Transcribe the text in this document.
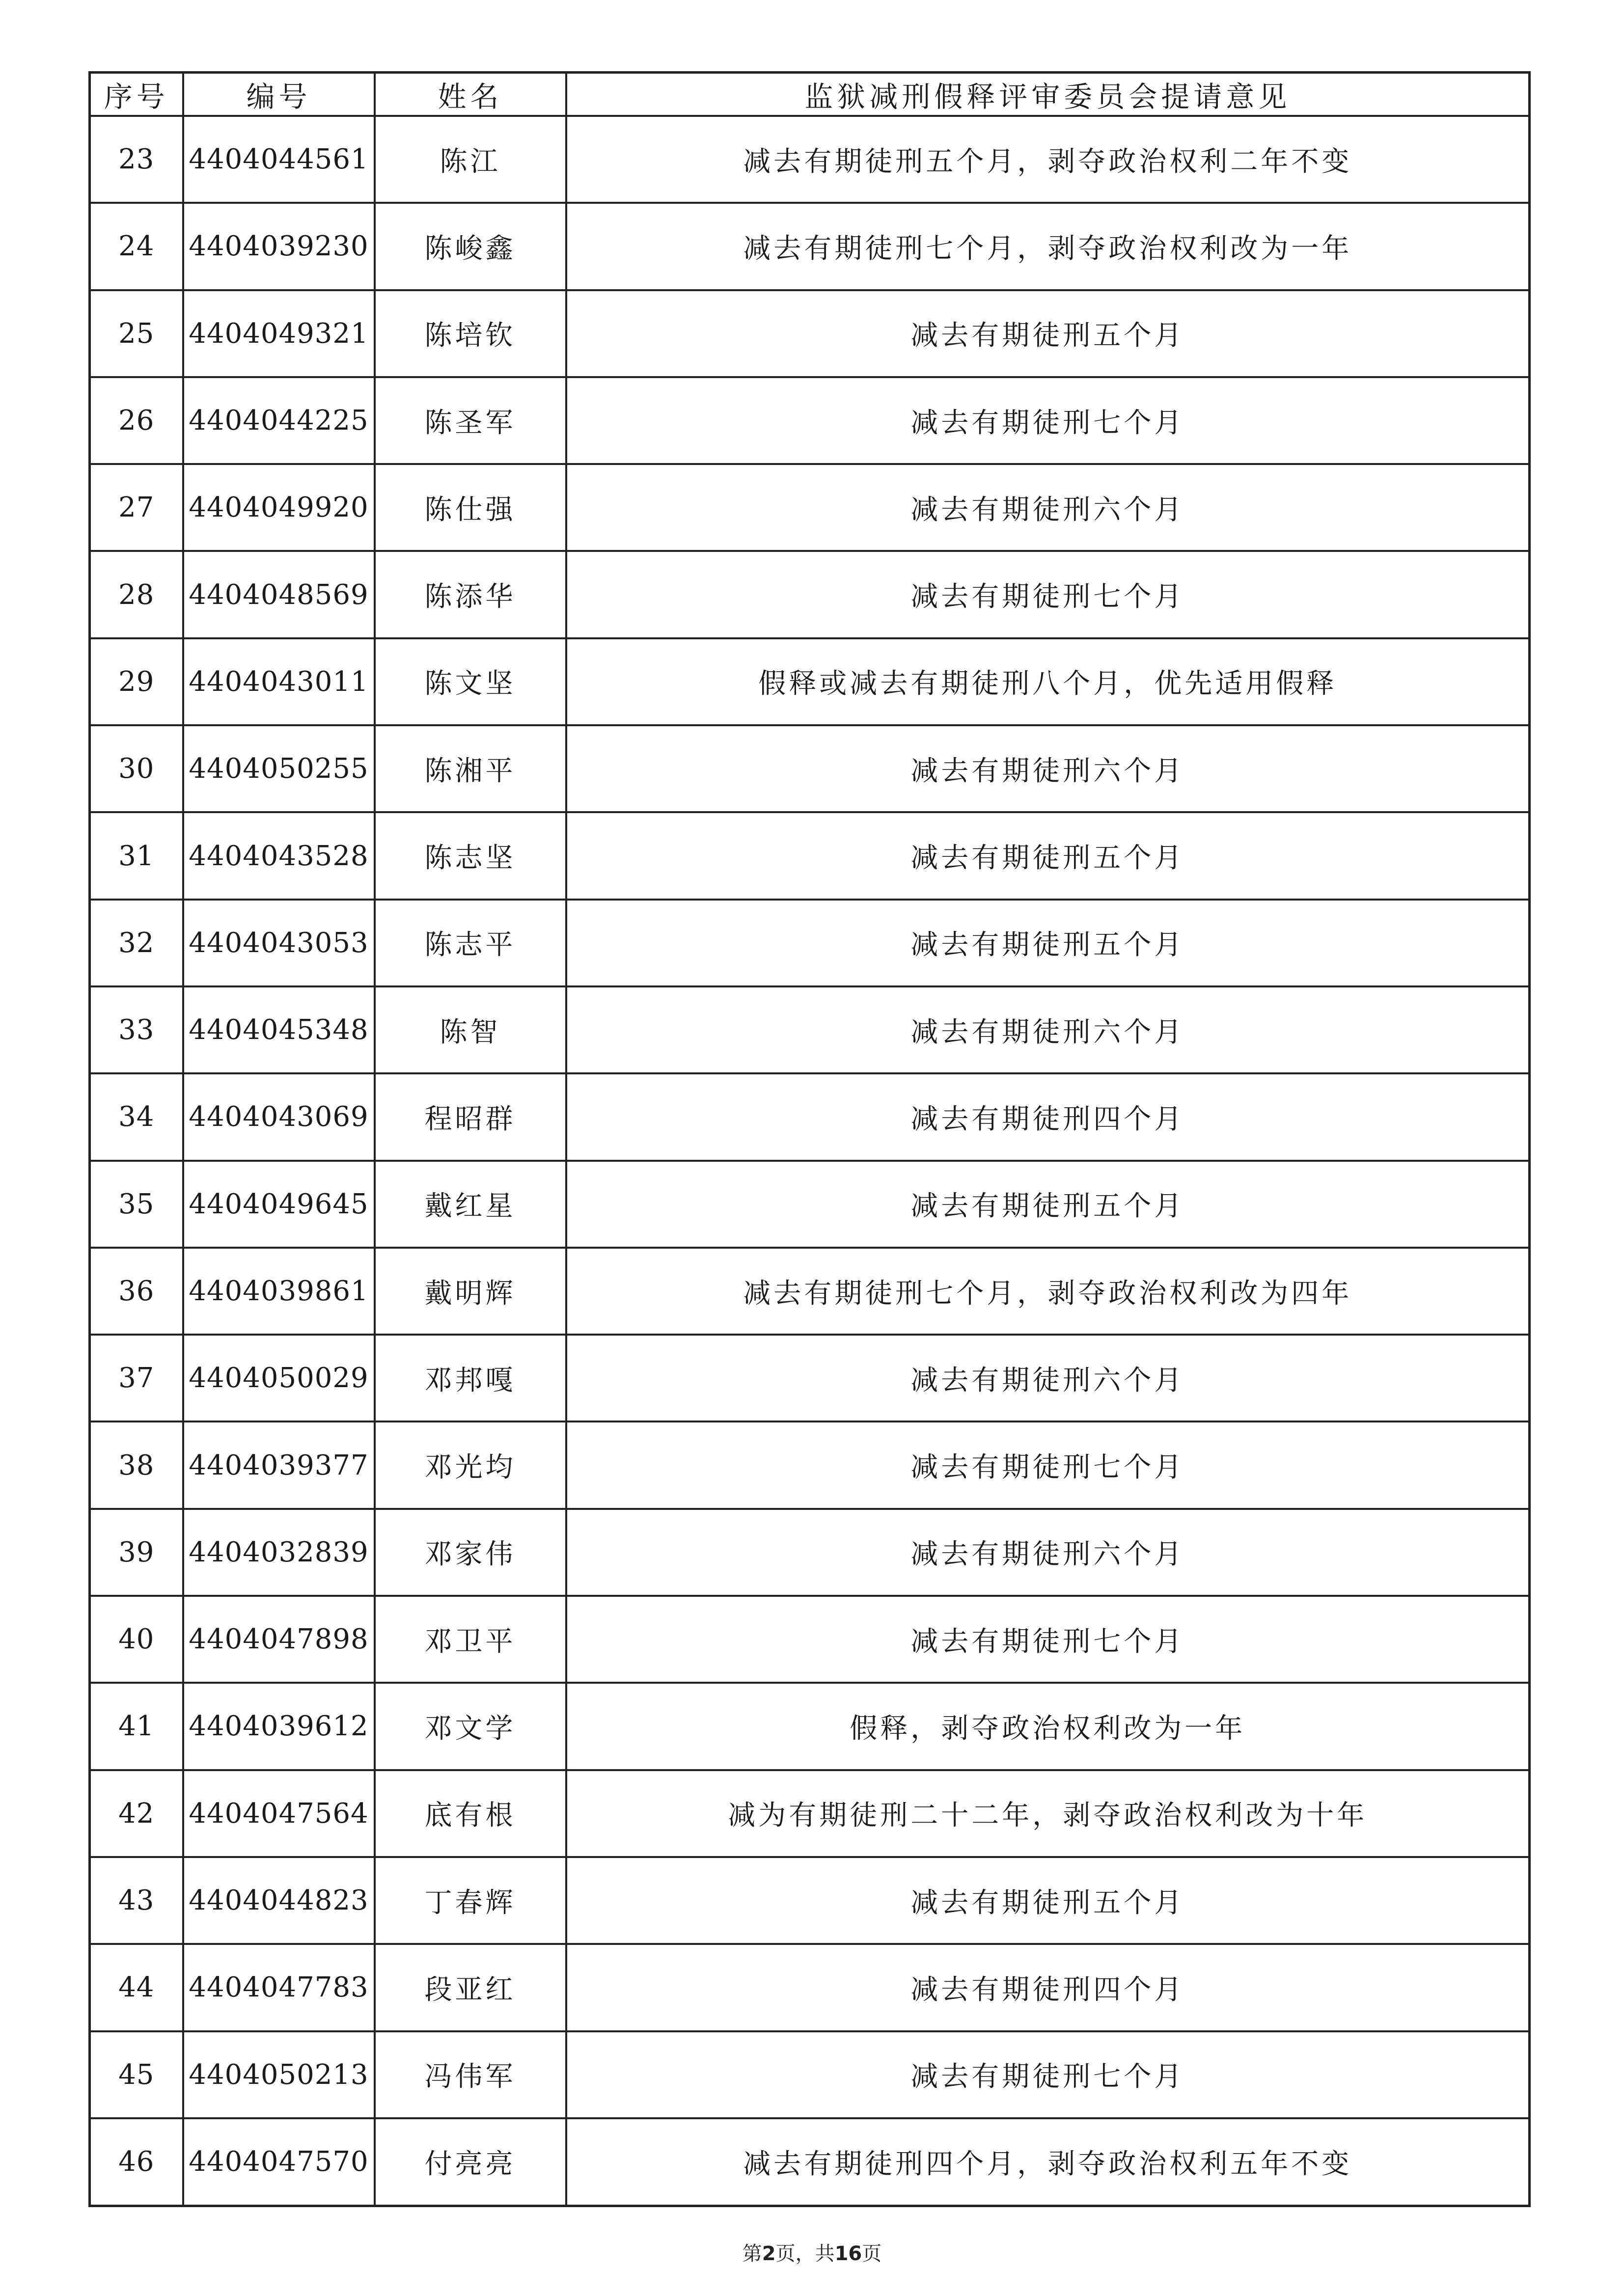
序号	编号	姓名	监狱减刑假释评审委员会提请意见
23	4404044561	陈江	减去有期徒刑五个月，剥夺政治权利二年不变
24	4404039230	陈峻鑫	减去有期徒刑七个月，剥夺政治权利改为一年
25	4404049321	陈培钦	减去有期徒刑五个月
26	4404044225	陈圣军	减去有期徒刑七个月
27	4404049920	陈仕强	减去有期徒刑六个月
28	4404048569	陈添华	减去有期徒刑七个月
29	4404043011	陈文坚	假释或减去有期徒刑八个月，优先适用假释
30	4404050255	陈湘平	减去有期徒刑六个月
31	4404043528	陈志坚	减去有期徒刑五个月
32	4404043053	陈志平	减去有期徒刑五个月
33	4404045348	陈智	减去有期徒刑六个月
34	4404043069	程昭群	减去有期徒刑四个月
35	4404049645	戴红星	减去有期徒刑五个月
36	4404039861	戴明辉	减去有期徒刑七个月，剥夺政治权利改为四年
37	4404050029	邓邦嘎	减去有期徒刑六个月
38	4404039377	邓光均	减去有期徒刑七个月
39	4404032839	邓家伟	减去有期徒刑六个月
40	4404047898	邓卫平	减去有期徒刑七个月
41	4404039612	邓文学	假释，剥夺政治权利改为一年
42	4404047564	底有根	减为有期徒刑二十二年，剥夺政治权利改为十年
43	4404044823	丁春辉	减去有期徒刑五个月
44	4404047783	段亚红	减去有期徒刑四个月
45	4404050213	冯伟军	减去有期徒刑七个月
46	4404047570	付亮亮	减去有期徒刑四个月，剥夺政治权利五年不变
第2页，共16页
